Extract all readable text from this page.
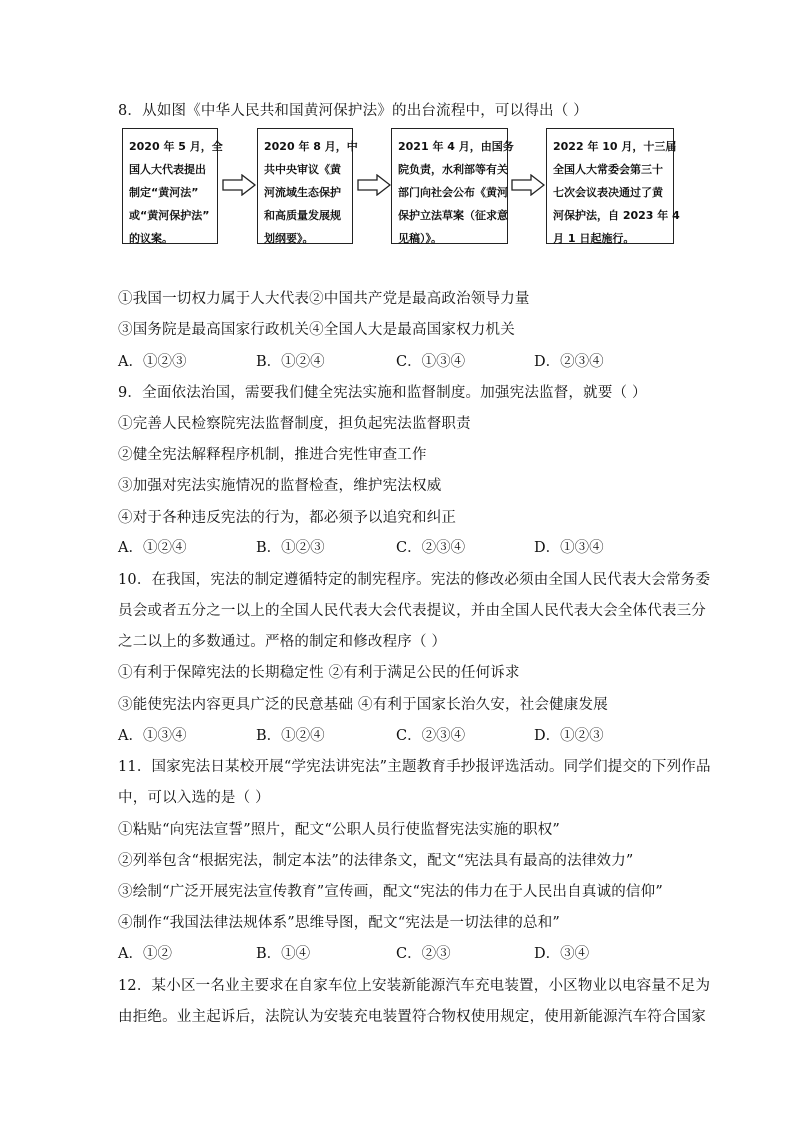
8．从如图《中华人民共和国黄河保护法》的出台流程中，可以得出（ ）
2020 年 5 月，全
国人大代表提出
制定“黄河法”
或“黄河保护法”
的议案。
2020 年 8 月，中
共中央审议《黄
河流域生态保护
和高质量发展规
划纲要》。
2021 年 4 月，由国务
院负责，水利部等有关
部门向社会公布《黄河
保护立法草案（征求意
见稿）》。
2022 年 10 月，十三届
全国人大常委会第三十
七次会议表决通过了黄
河保护法，自 2023 年 4
月 1 日起施行。
①我国一切权力属于人大代表②中国共产党是最高政治领导力量
③国务院是最高国家行政机关④全国人大是最高国家权力机关
A．①②③	B．①②④	C．①③④	D．②③④
9．全面依法治国，需要我们健全宪法实施和监督制度。加强宪法监督，就要（ ）
①完善人民检察院宪法监督制度，担负起宪法监督职责
②健全宪法解释程序机制，推进合宪性审查工作
③加强对宪法实施情况的监督检查，维护宪法权威
④对于各种违反宪法的行为，都必须予以追究和纠正
A．①②④	B．①②③	C．②③④	D．①③④
10．在我国，宪法的制定遵循特定的制宪程序。宪法的修改必须由全国人民代表大会常务委
员会或者五分之一以上的全国人民代表大会代表提议，并由全国人民代表大会全体代表三分
之二以上的多数通过。严格的制定和修改程序（ ）
①有利于保障宪法的长期稳定性 ②有利于满足公民的任何诉求
③能使宪法内容更具广泛的民意基础 ④有利于国家长治久安，社会健康发展
A．①③④	B．①②④	C．②③④	D．①②③
11．国家宪法日某校开展“学宪法讲宪法”主题教育手抄报评选活动。同学们提交的下列作品
中，可以入选的是（ ）
①粘贴“向宪法宣誓”照片，配文“公职人员行使监督宪法实施的职权”
②列举包含“根据宪法，制定本法”的法律条文，配文“宪法具有最高的法律效力”
③绘制“广泛开展宪法宣传教育”宣传画，配文“宪法的伟力在于人民出自真诚的信仰”
④制作“我国法律法规体系”思维导图，配文“宪法是一切法律的总和”
A．①②	B．①④	C．②③	D．③④
12．某小区一名业主要求在自家车位上安装新能源汽车充电装置，小区物业以电容量不足为
由拒绝。业主起诉后，法院认为安装充电装置符合物权使用规定，使用新能源汽车符合国家
